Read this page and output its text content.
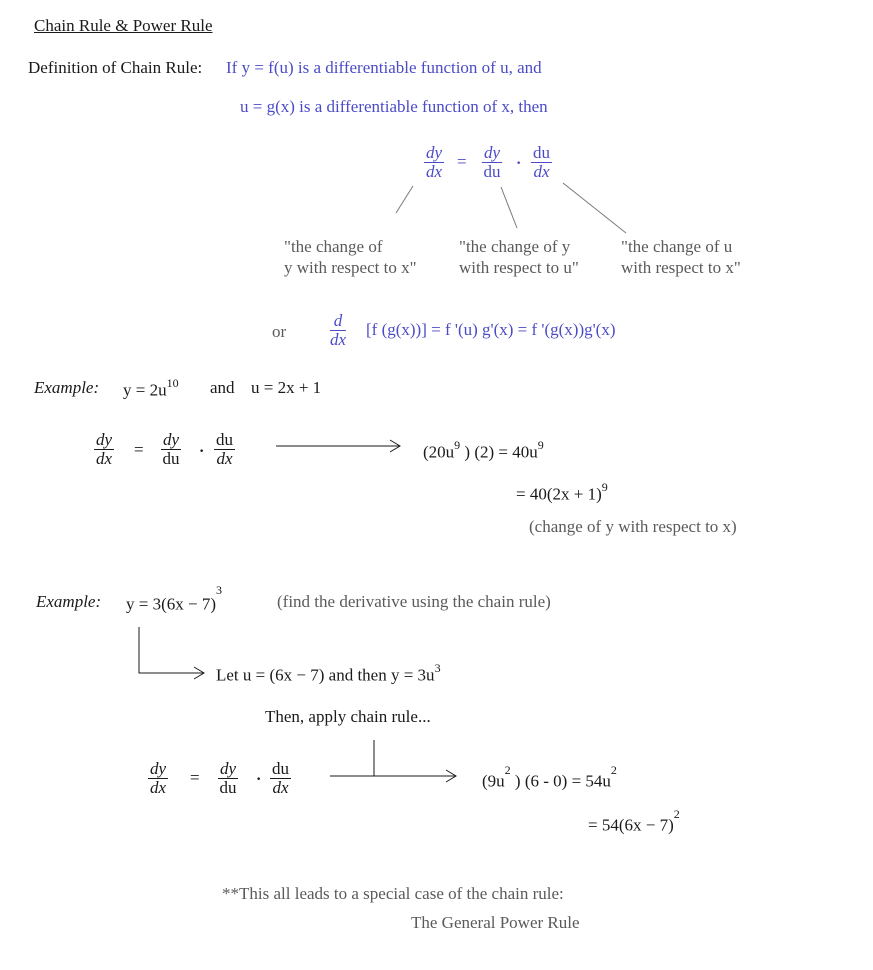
Chain Rule & Power Rule
Definition of Chain Rule: If y = f(u) is a differentiable function of u, and
u = g(x) is a differentiable function of x, then
$\frac{dy}{dx} = \frac{dy}{du} \cdot \frac{du}{dx}$
"the change of
y with respect to x"
"the change of y
with respect to u"
"the change of u
with respect to x"
or	$\frac{d}{dx} [f$ (g(x))] = f '(u) g'(x) = f '(g(x))g'(x)
Example: $y = 2u^{10}$ and u = 2x + 1
$\frac{dy}{dx} = \frac{dy}{du} \cdot \frac{du}{dx}$	($20u^9$ ) $(2) = 40u^9$
= $40(2x + 1)^9$
(change of y with respect to x)
Example: $y = 3(6x - 7)^3$
(find the derivative using the chain rule)
Let u = (6x − 7) and then $y = 3u^3$
Then, apply chain rule...
$\frac{dy}{dx} = \frac{dy}{du} \cdot \frac{du}{dx}$	($9u^2$ ) $(6 - 0) = 54u^2$
= $54(6x - 7)^2$
**This all leads to a special case of the chain rule:
The General Power Rule
